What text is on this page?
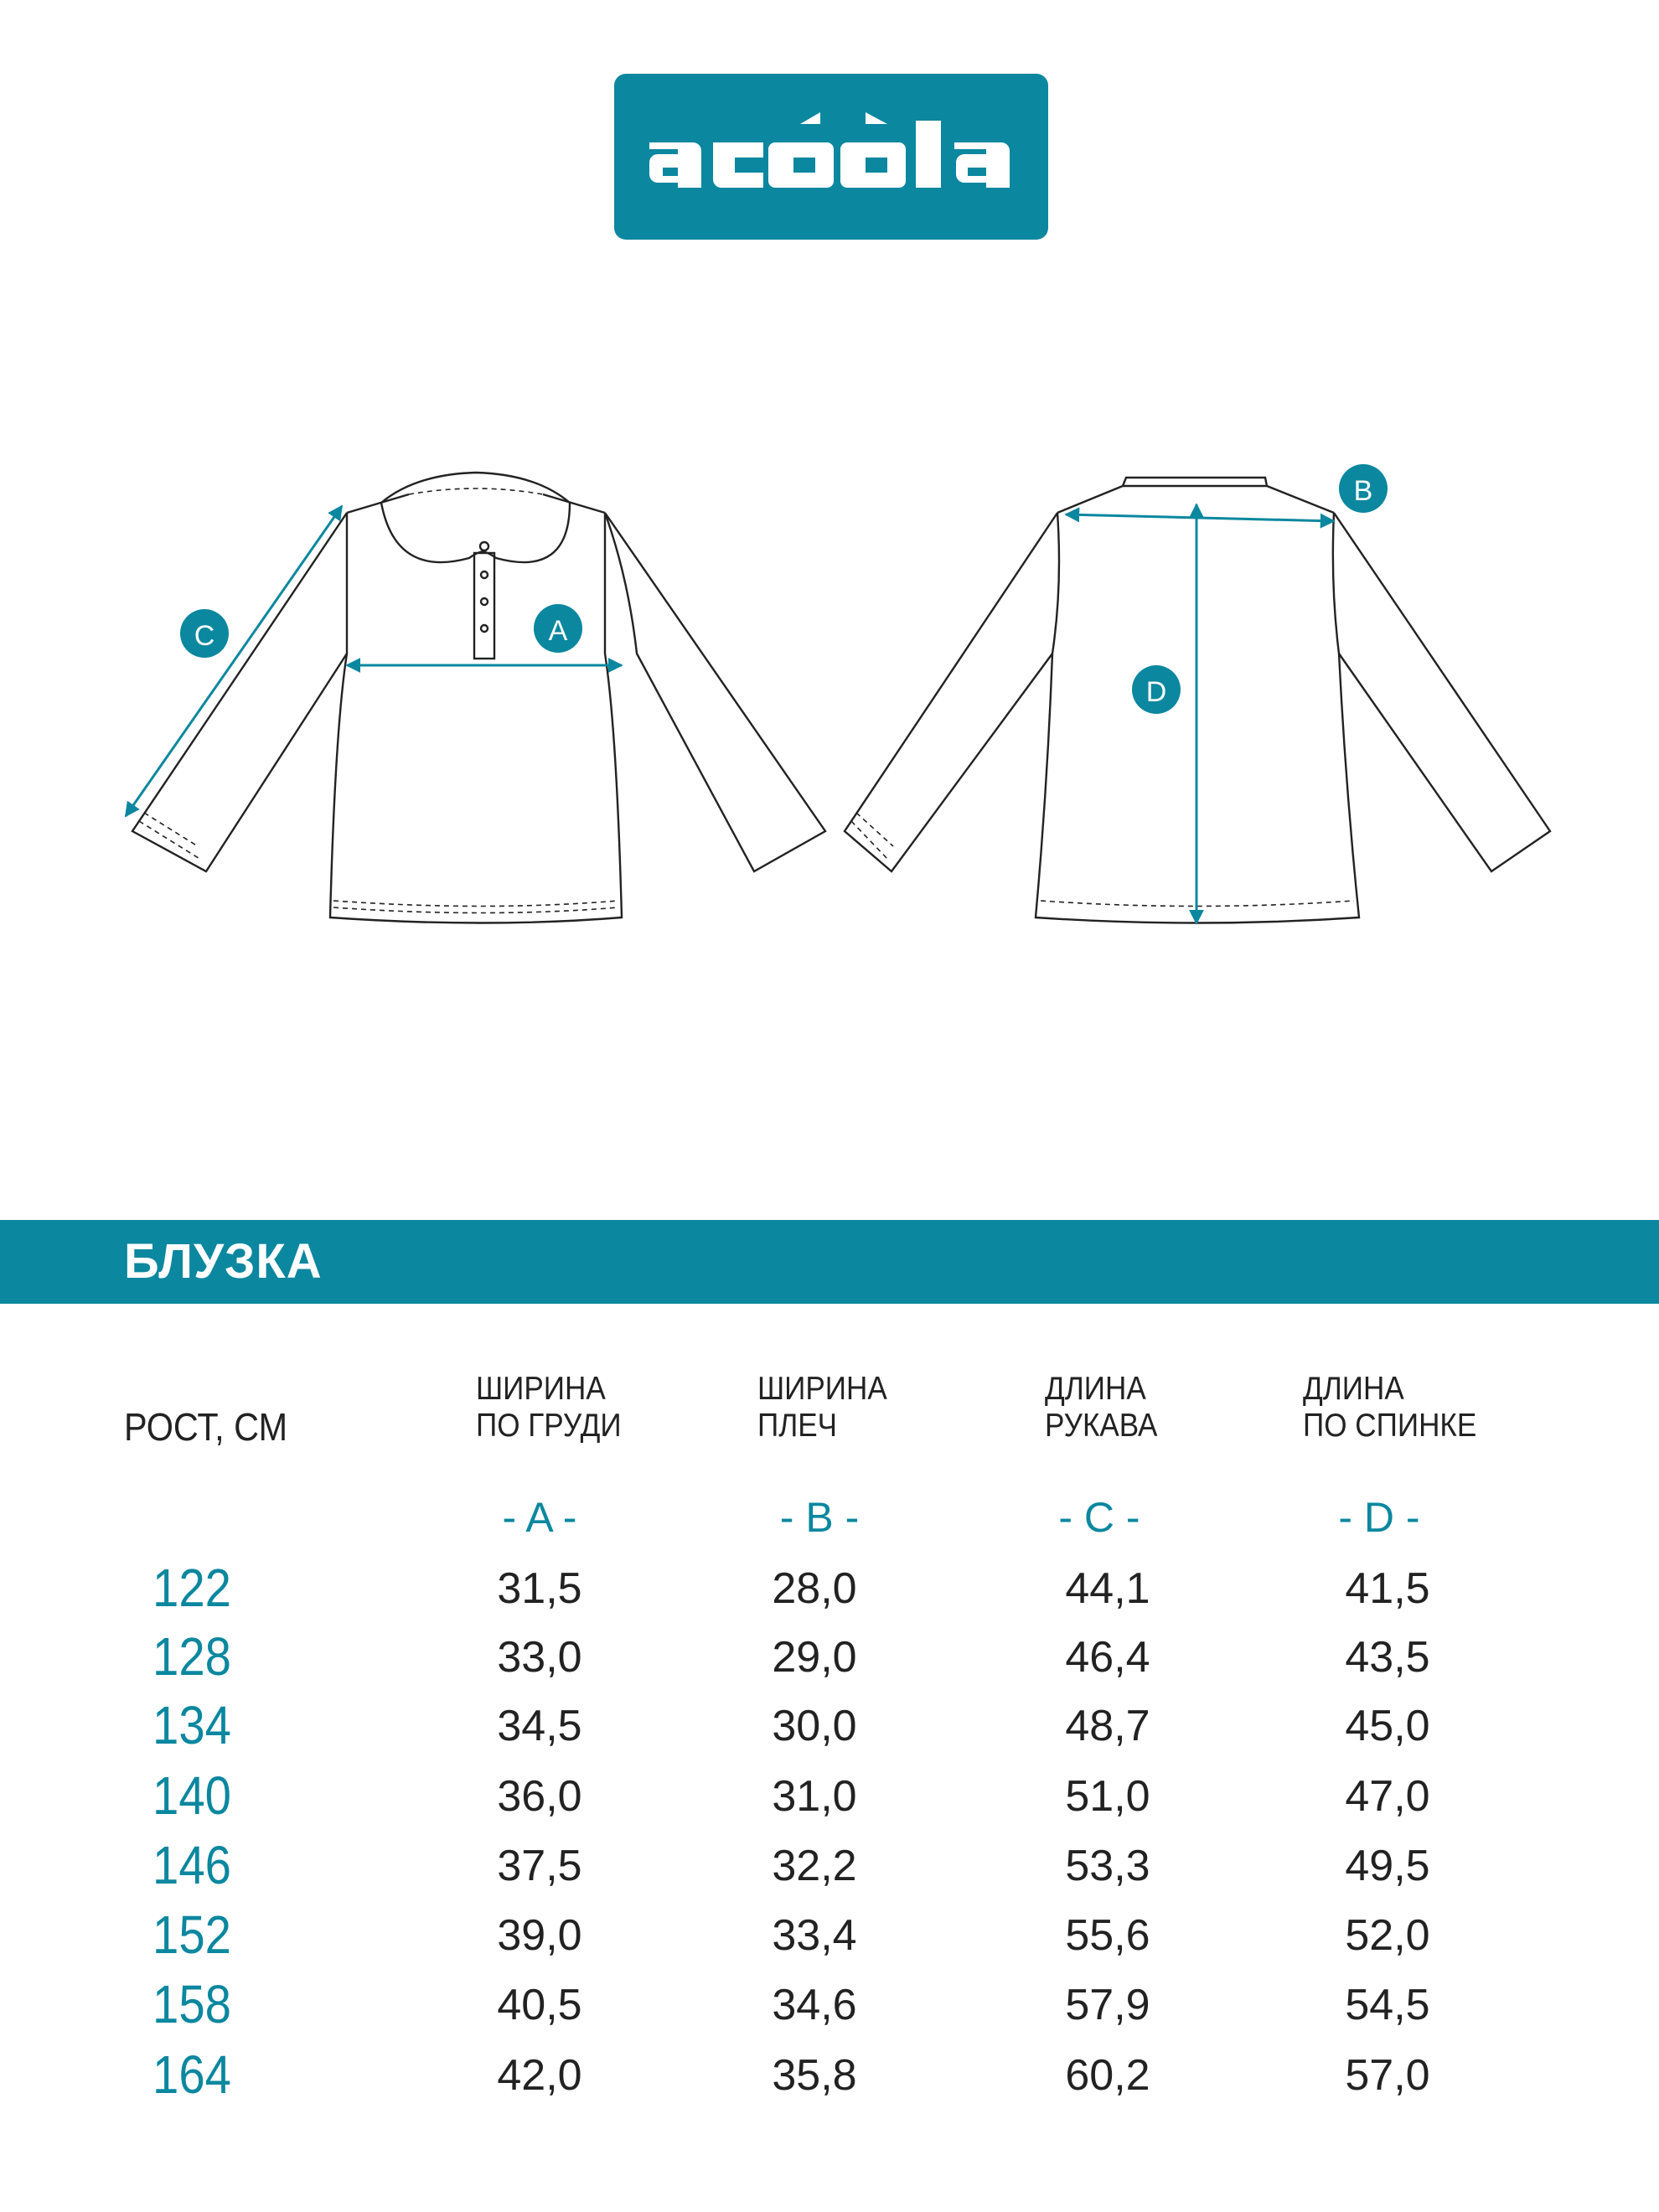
A
B
C
D
БЛУЗКА
РОСТ, СМ
ШИРИНА
ПО ГРУДИ
ШИРИНА
ПЛЕЧ
ДЛИНА
РУКАВА
ДЛИНА
ПО СПИНКЕ
- A -	- B -	- C -	- D -
122	31,5	28,0	44,1	41,5
128	33,0	29,0	46,4	43,5
134	34,5	30,0	48,7	45,0
140	36,0	31,0	51,0	47,0
146	37,5	32,2	53,3	49,5
152	39,0	33,4	55,6	52,0
158	40,5	34,6	57,9	54,5
164	42,0	35,8	60,2	57,0
